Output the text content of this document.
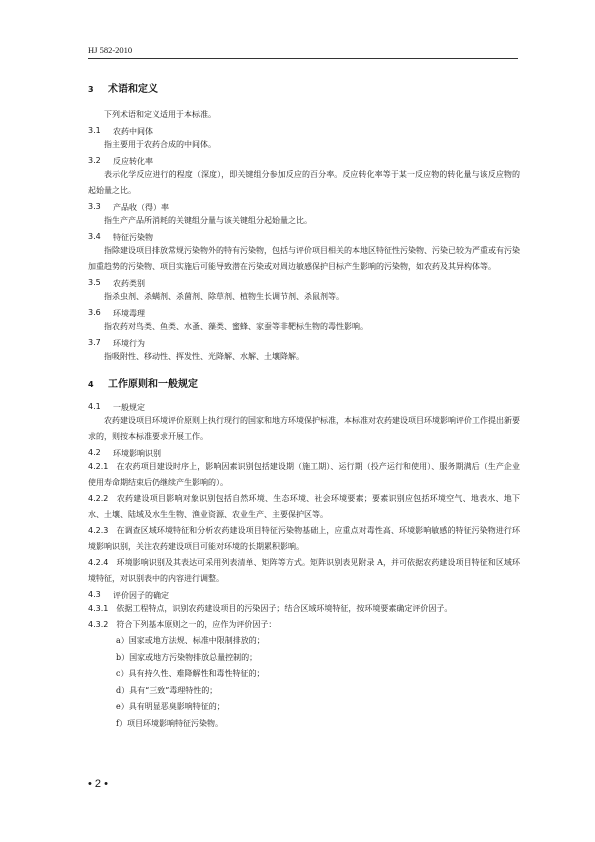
HJ 582-2010
3 术语和定义
下列术语和定义适用于本标准。
3.1	农药中间体
指主要用于农药合成的中间体。
3.2	反应转化率
表示化学反应进行的程度（深度），即关键组分参加反应的百分率。反应转化率等于某一反应物的转化量与该反应物的起始量之比。
3.3	产品收（得）率
指生产产品所消耗的关键组分量与该关键组分起始量之比。
3.4	特征污染物
指除建设项目排放常规污染物外的特有污染物，包括与评价项目相关的本地区特征性污染物、污染已较为严重或有污染加重趋势的污染物、项目实施后可能导致潜在污染或对周边敏感保护目标产生影响的污染物，如农药及其异构体等。
3.5	农药类别
指杀虫剂、杀螨剂、杀菌剂、除草剂、植物生长调节剂、杀鼠剂等。
3.6	环境毒理
指农药对鸟类、鱼类、水蚤、藻类、蜜蜂、家蚕等非靶标生物的毒性影响。
3.7	环境行为
指吸附性、移动性、挥发性、光降解、水解、土壤降解。
4 工作原则和一般规定
4.1	一般规定
农药建设项目环境评价原则上执行现行的国家和地方环境保护标准，本标准对农药建设项目环境影响评价工作提出新要求的，则按本标准要求开展工作。
4.2	环境影响识别
4.2.1　 在农药项目建设时序上，影响因素识别包括建设期（施工期）、运行期（投产运行和使用）、服务期满后（生产企业使用寿命期结束后仍继续产生影响的）。
4.2.2　 农药建设项目影响对象识别包括自然环境、生态环境、社会环境要素；要素识别应包括环境空气、地表水、地下水、土壤、陆域及水生生物、渔业资源、农业生产、主要保护区等。
4.2.3　 在调查区域环境特征和分析农药建设项目特征污染物基础上，应重点对毒性高、环境影响敏感的特征污染物进行环境影响识别，关注农药建设项目可能对环境的长期累积影响。
4.2.4　 环境影响识别及其表达可采用列表清单、矩阵等方式。矩阵识别表见附录 A，并可依据农药建设项目特征和区域环境特征，对识别表中的内容进行调整。
4.3	评价因子的确定
4.3.1　 依据工程特点，识别农药建设项目的污染因子；结合区域环境特征，按环境要素确定评价因子。
4.3.2　 符合下列基本原则之一的，应作为评价因子：
a）国家或地方法规、标准中限制排放的；
b）国家或地方污染物排放总量控制的；
c）具有持久性、难降解性和毒性特征的；
d）具有“三致”毒理特性的；
e）具有明显恶臭影响特征的；
f）项目环境影响特征污染物。
• 2 •
